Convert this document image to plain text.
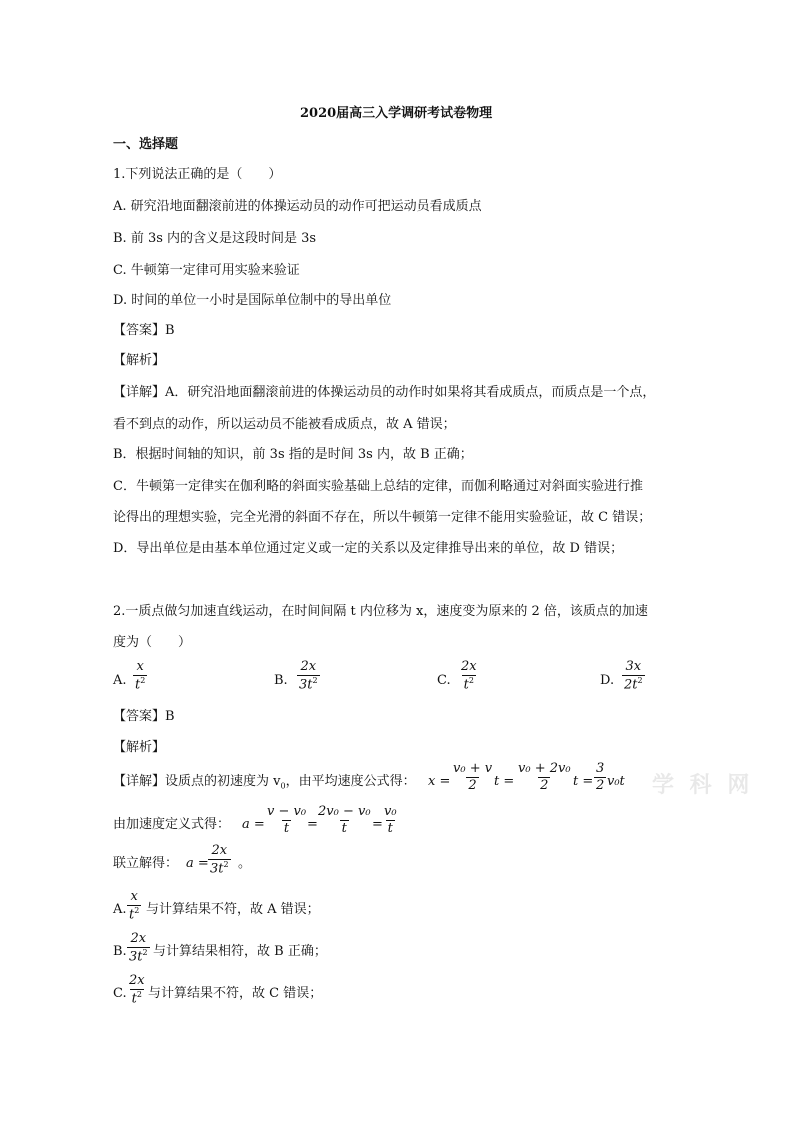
2020届高三入学调研考试卷物理
一、选择题
1.下列说法正确的是（　　）
A. 研究沿地面翻滚前进的体操运动员的动作可把运动员看成质点
B. 前 3s 内的含义是这段时间是 3s
C. 牛顿第一定律可用实验来验证
D. 时间的单位一小时是国际单位制中的导出单位
【答案】B
【解析】
【详解】A．研究沿地面翻滚前进的体操运动员的动作时如果将其看成质点，而质点是一个点，
看不到点的动作，所以运动员不能被看成质点，故 A 错误；
B．根据时间轴的知识，前 3s 指的是时间 3s 内，故 B 正确；
C．牛顿第一定律实在伽利略的斜面实验基础上总结的定律，而伽利略通过对斜面实验进行推
论得出的理想实验，完全光滑的斜面不存在，所以牛顿第一定律不能用实验验证，故 C 错误；
D．导出单位是由基本单位通过定义或一定的关系以及定律推导出来的单位，故 D 错误；
2.一质点做匀加速直线运动，在时间间隔 t 内位移为 x，速度变为原来的 2 倍，该质点的加速
度为（　　）
A. $\frac{x}{t^2}$	B. $\frac{2x}{3t^2}$	C. $\frac{2x}{t^2}$	D. $\frac{3x}{2t^2}$
【答案】B
【解析】
【详解】设质点的初速度为 $v_0$，由平均速度公式得： $x = \frac{\text{v₀ + v}}{2}$ $t = \frac{\text{v₀ + 2v₀}}{2}$ $t = \frac{3}{2} v_0t$
由加速度定义式得： $a = \frac{\text{v − v₀}}{t}$
=
$\frac{\text{2v₀ − v₀}}{t} = \frac{\text{v₀}}{t}$
联立解得： $a = \frac{2x}{3t^2}$ 。
A. $\frac{x}{t^2}$ 与计算结果不符，故 A 错误；
B. $\frac{2x}{3t^2}$ 与计算结果相符，故 B 正确；
C. $\frac{2x}{t^2}$ 与计算结果不符，故 C 错误；
学 科 网
